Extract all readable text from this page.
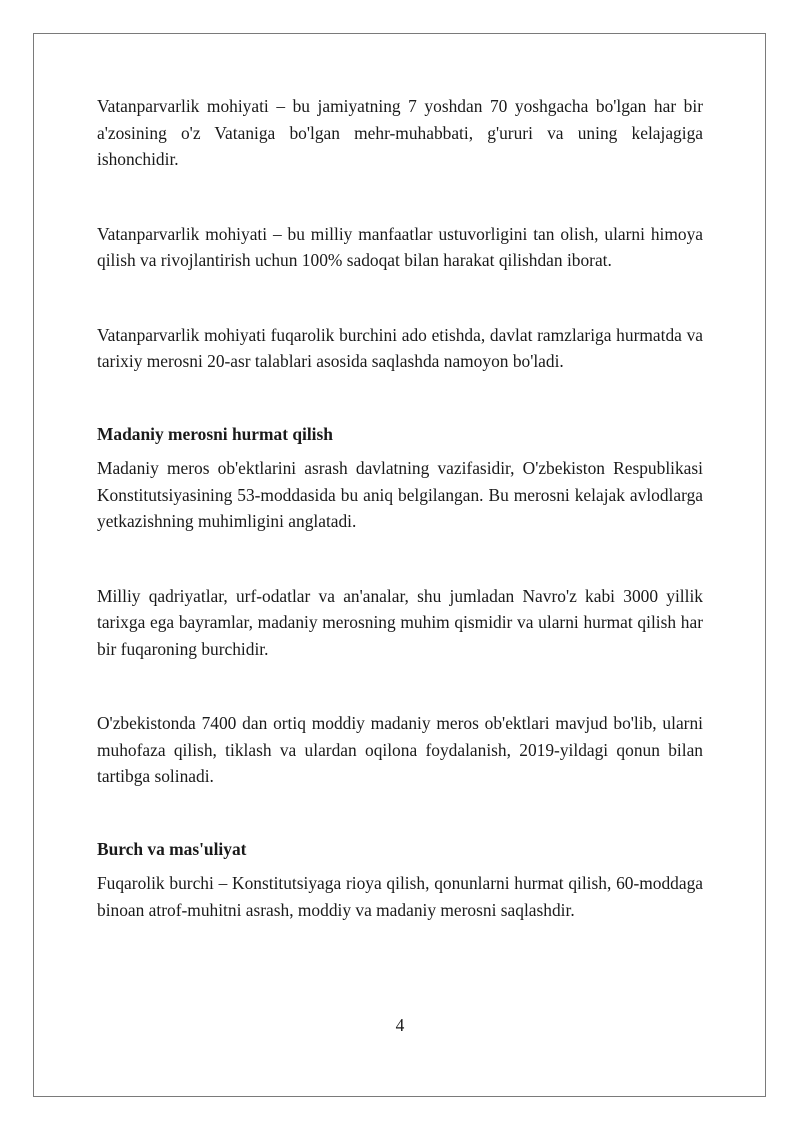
Vatanparvarlik mohiyati – bu jamiyatning 7 yoshdan 70 yoshgacha bo'lgan har bir a'zosining o'z Vataniga bo'lgan mehr-muhabbati, g'ururi va uning kelajagiga ishonchidir.

Vatanparvarlik mohiyati – bu milliy manfaatlar ustuvorligini tan olish, ularni himoya qilish va rivojlantirish uchun 100% sadoqat bilan harakat qilishdan iborat.

Vatanparvarlik mohiyati fuqarolik burchini ado etishda, davlat ramzlariga hurmatda va tarixiy merosni 20-asr talablari asosida saqlashda namoyon bo'ladi.

Madaniy merosni hurmat qilish

Madaniy meros ob'ektlarini asrash davlatning vazifasidir, O'zbekiston Respublikasi Konstitutsiyasining 53-moddasida bu aniq belgilangan. Bu merosni kelajak avlodlarga yetkazishning muhimligini anglatadi.

Milliy qadriyatlar, urf-odatlar va an'analar, shu jumladan Navro'z kabi 3000 yillik tarixga ega bayramlar, madaniy merosning muhim qismidir va ularni hurmat qilish har bir fuqaroning burchidir.

O'zbekistonda 7400 dan ortiq moddiy madaniy meros ob'ektlari mavjud bo'lib, ularni muhofaza qilish, tiklash va ulardan oqilona foydalanish, 2019-yildagi qonun bilan tartibga solinadi.

Burch va mas'uliyat

Fuqarolik burchi – Konstitutsiyaga rioya qilish, qonunlarni hurmat qilish, 60-moddaga binoan atrof-muhitni asrash, moddiy va madaniy merosni saqlashdir.

4
